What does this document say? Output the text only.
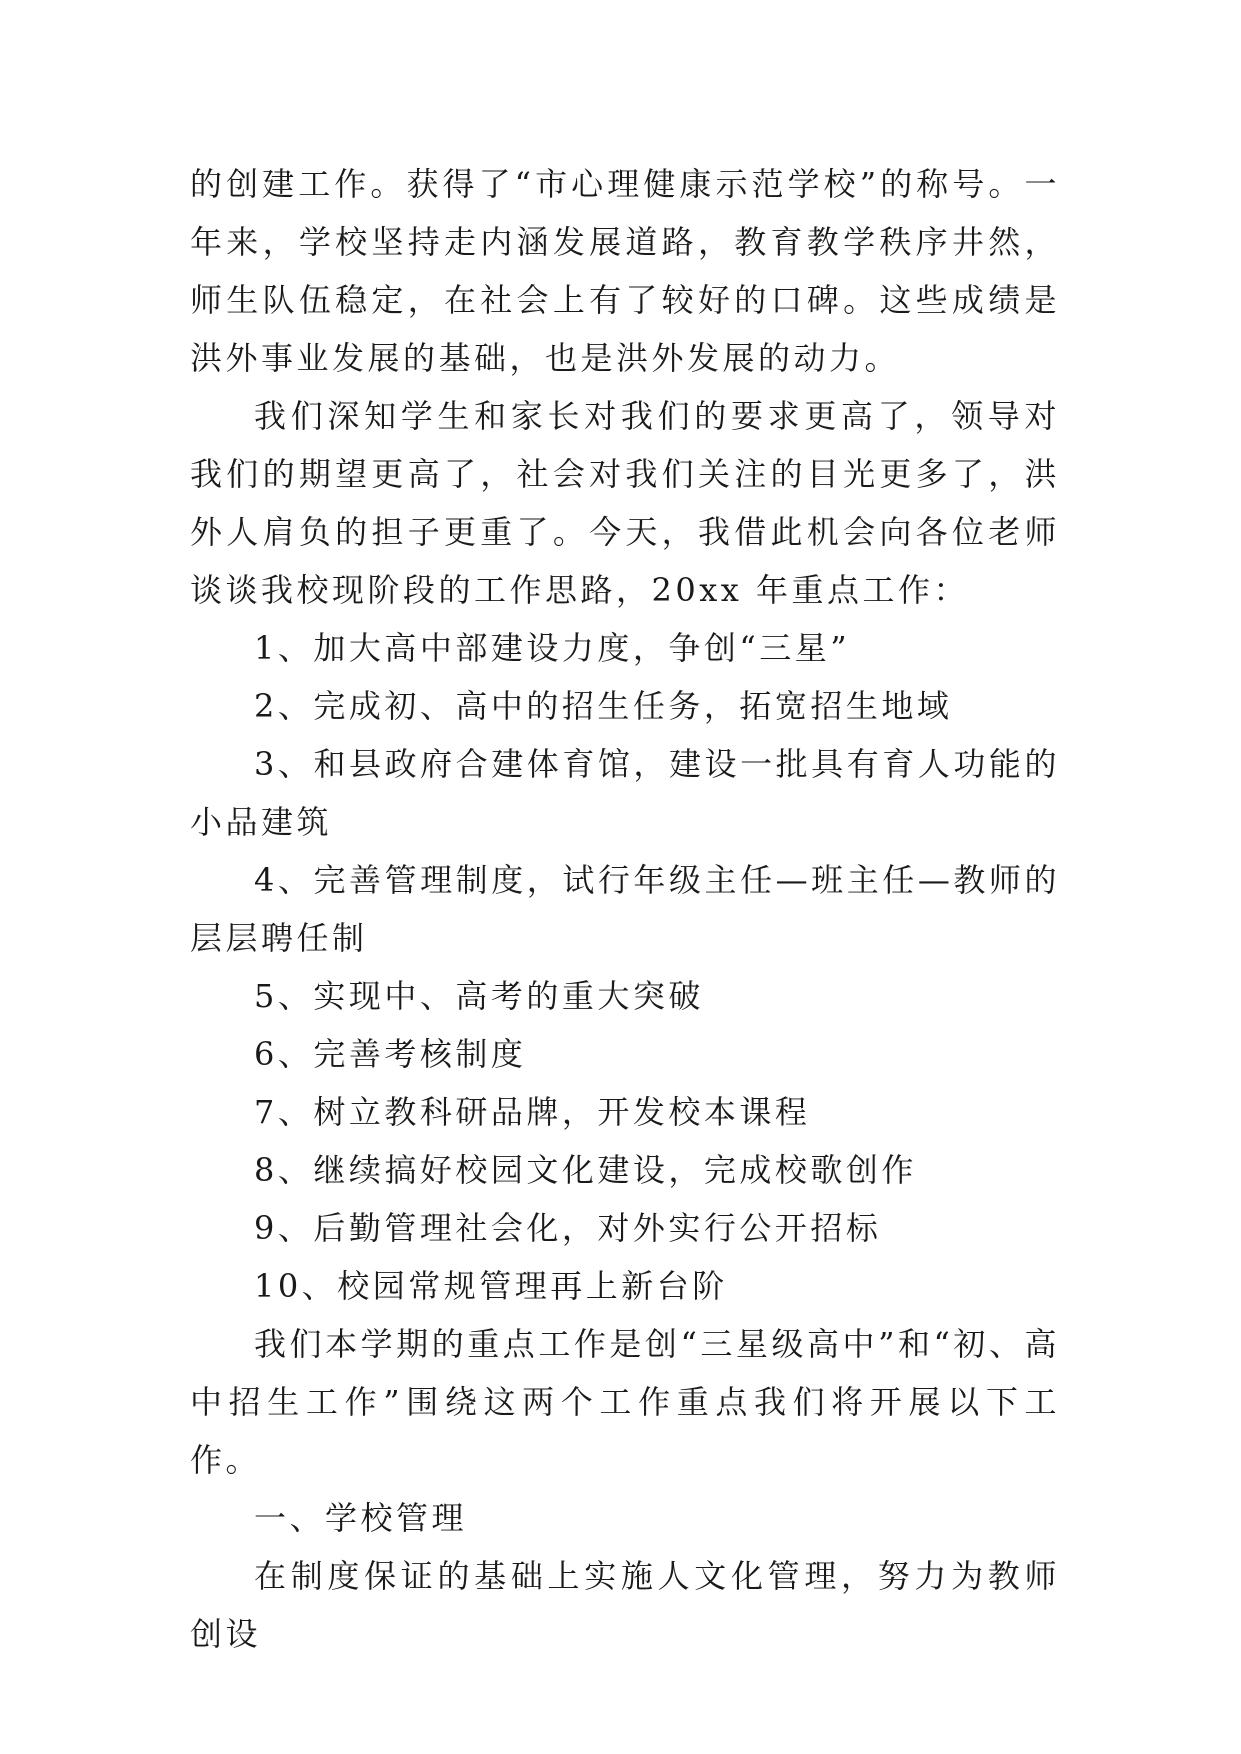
的创建工作。获得了“市心理健康示范学校”的称号。一年来，学校坚持走内涵发展道路，教育教学秩序井然，师生队伍稳定，在社会上有了较好的口碑。这些成绩是洪外事业发展的基础，也是洪外发展的动力。

我们深知学生和家长对我们的要求更高了，领导对我们的期望更高了，社会对我们关注的目光更多了，洪外人肩负的担子更重了。今天，我借此机会向各位老师谈谈我校现阶段的工作思路，20xx 年重点工作：

1、加大高中部建设力度，争创“三星”

2、完成初、高中的招生任务，拓宽招生地域

3、和县政府合建体育馆，建设一批具有育人功能的小品建筑

4、完善管理制度，试行年级主任—班主任—教师的层层聘任制

5、实现中、高考的重大突破

6、完善考核制度

7、树立教科研品牌，开发校本课程

8、继续搞好校园文化建设，完成校歌创作

9、后勤管理社会化，对外实行公开招标

10、校园常规管理再上新台阶

我们本学期的重点工作是创“三星级高中”和“初、高中招生工作”围绕这两个工作重点我们将开展以下工作。

一、学校管理

在制度保证的基础上实施人文化管理，努力为教师创设
